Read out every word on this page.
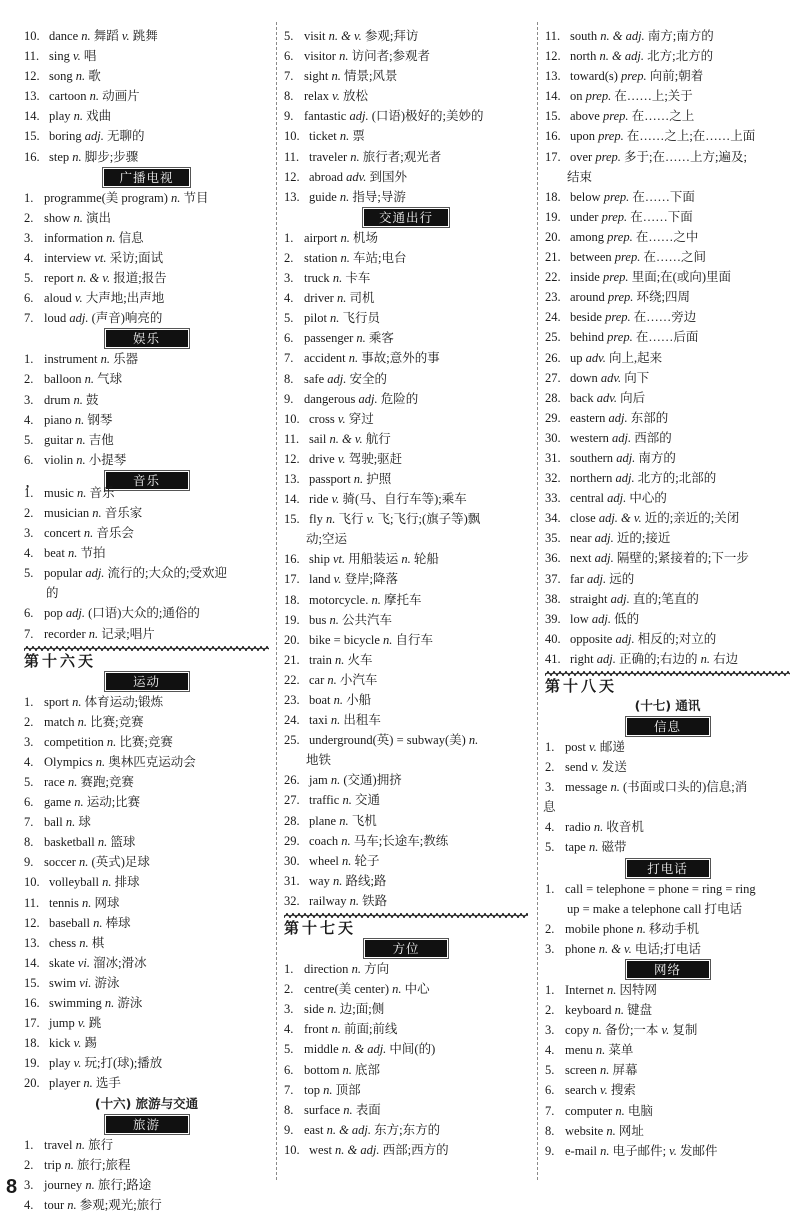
10. dance n. 舞蹈 v. 跳舞
11. sing v. 唱
12. song n. 歌
13. cartoon n. 动画片
14. play n. 戏曲
15. boring adj. 无聊的
16. step n. 脚步;步骤
广播电视
1. programme(美 program) n. 节目
2. show n. 演出
3. information n. 信息
4. interview vt. 采访;面试
5. report n. & v. 报道;报告
6. aloud v. 大声地;出声地
7. loud adj. (声音)响亮的
娱乐
1. instrument n. 乐器
2. balloon n. 气球
3. drum n. 鼓
4. piano n. 钢琴
5. guitar n. 吉他
6. violin n. 小提琴
音乐
,
1. music n. 音乐
2. musician n. 音乐家
3. concert n. 音乐会
4. beat n. 节拍
5. popular adj. 流行的;大众的;受欢迎
的
6. pop adj. (口语)大众的;通俗的
7. recorder n. 记录;唱片
第十六天
运动
1. sport n. 体育运动;锻炼
2. match n. 比赛;竞赛
3. competition n. 比赛;竞赛
4. Olympics n. 奥林匹克运动会
5. race n. 赛跑;竞赛
6. game n. 运动;比赛
7. ball n. 球
8. basketball n. 篮球
9. soccer n. (英式)足球
10. volleyball n. 排球
11. tennis n. 网球
12. baseball n. 棒球
13. chess n. 棋
14. skate vi. 溜冰;滑冰
15. swim vi. 游泳
16. swimming n. 游泳
17. jump v. 跳
18. kick v. 踢
19. play v. 玩;打(球);播放
20. player n. 选手
(十六) 旅游与交通
旅游
1. travel n. 旅行
2. trip n. 旅行;旅程
3. journey n. 旅行;路途
4. tour n. 参观;观光;旅行
5. visit n. & v. 参观;拜访
6. visitor n. 访问者;参观者
7. sight n. 情景;风景
8. relax v. 放松
9. fantastic adj. (口语)极好的;美妙的
10. ticket n. 票
11. traveler n. 旅行者;观光者
12. abroad adv. 到国外
13. guide n. 指导;导游
交通出行
1. airport n. 机场
2. station n. 车站;电台
3. truck n. 卡车
4. driver n. 司机
5. pilot n. 飞行员
6. passenger n. 乘客
7. accident n. 事故;意外的事
8. safe adj. 安全的
9. dangerous adj. 危险的
10. cross v. 穿过
11. sail n. & v. 航行
12. drive v. 驾驶;驱赶
13. passport n. 护照
14. ride v. 骑(马、自行车等);乘车
15. fly n. 飞行 v. 飞;飞行;(旗子等)飘
动;空运
16. ship vt. 用船装运 n. 轮船
17. land v. 登岸;降落
18. motorcycle. n. 摩托车
19. bus n. 公共汽车
20. bike = bicycle n. 自行车
21. train n. 火车
22. car n. 小汽车
23. boat n. 小船
24. taxi n. 出租车
25. underground(英) = subway(美) n.
地铁
26. jam n. (交通)拥挤
27. traffic n. 交通
28. plane n. 飞机
29. coach n. 马车;长途车;教练
30. wheel n. 轮子
31. way n. 路线;路
32. railway n. 铁路
第十七天
方位
1. direction n. 方向
2. centre(美 center) n. 中心
3. side n. 边;面;侧
4. front n. 前面;前线
5. middle n. & adj. 中间(的)
6. bottom n. 底部
7. top n. 顶部
8. surface n. 表面
9. east n. & adj. 东方;东方的
10. west n. & adj. 西部;西方的
11. south n. & adj. 南方;南方的
12. north n. & adj. 北方;北方的
13. toward(s) prep. 向前;朝着
14. on prep. 在……上;关于
15. above prep. 在……之上
16. upon prep. 在……之上;在……上面
17. over prep. 多于;在……上方;遍及;
结束
18. below prep. 在……下面
19. under prep. 在……下面
20. among prep. 在……之中
21. between prep. 在……之间
22. inside prep. 里面;在(或向)里面
23. around prep. 环绕;四周
24. beside prep. 在……旁边
25. behind prep. 在……后面
26. up adv. 向上,起来
27. down adv. 向下
28. back adv. 向后
29. eastern adj. 东部的
30. western adj. 西部的
31. southern adj. 南方的
32. northern adj. 北方的;北部的
33. central adj. 中心的
34. close adj. & v. 近的;亲近的;关闭
35. near adj. 近的;接近
36. next adj. 隔壁的;紧接着的;下一步
37. far adj. 远的
38. straight adj. 直的;笔直的
39. low adj. 低的
40. opposite adj. 相反的;对立的
41. right adj. 正确的;右边的 n. 右边
第十八天
(十七) 通讯
信息
1. post v. 邮递
2. send v. 发送
3. message n. (书面或口头的)信息;消
息
4. radio n. 收音机
5. tape n. 磁带
打电话
1. call = telephone = phone = ring = ring
up = make a telephone call 打电话
2. mobile phone n. 移动手机
3. phone n. & v. 电话;打电话
网络
1. Internet n. 因特网
2. keyboard n. 键盘
3. copy n. 备份;一本 v. 复制
4. menu n. 菜单
5. screen n. 屏幕
6. search v. 搜索
7. computer n. 电脑
8. website n. 网址
9. e-mail n. 电子邮件; v. 发邮件
8
